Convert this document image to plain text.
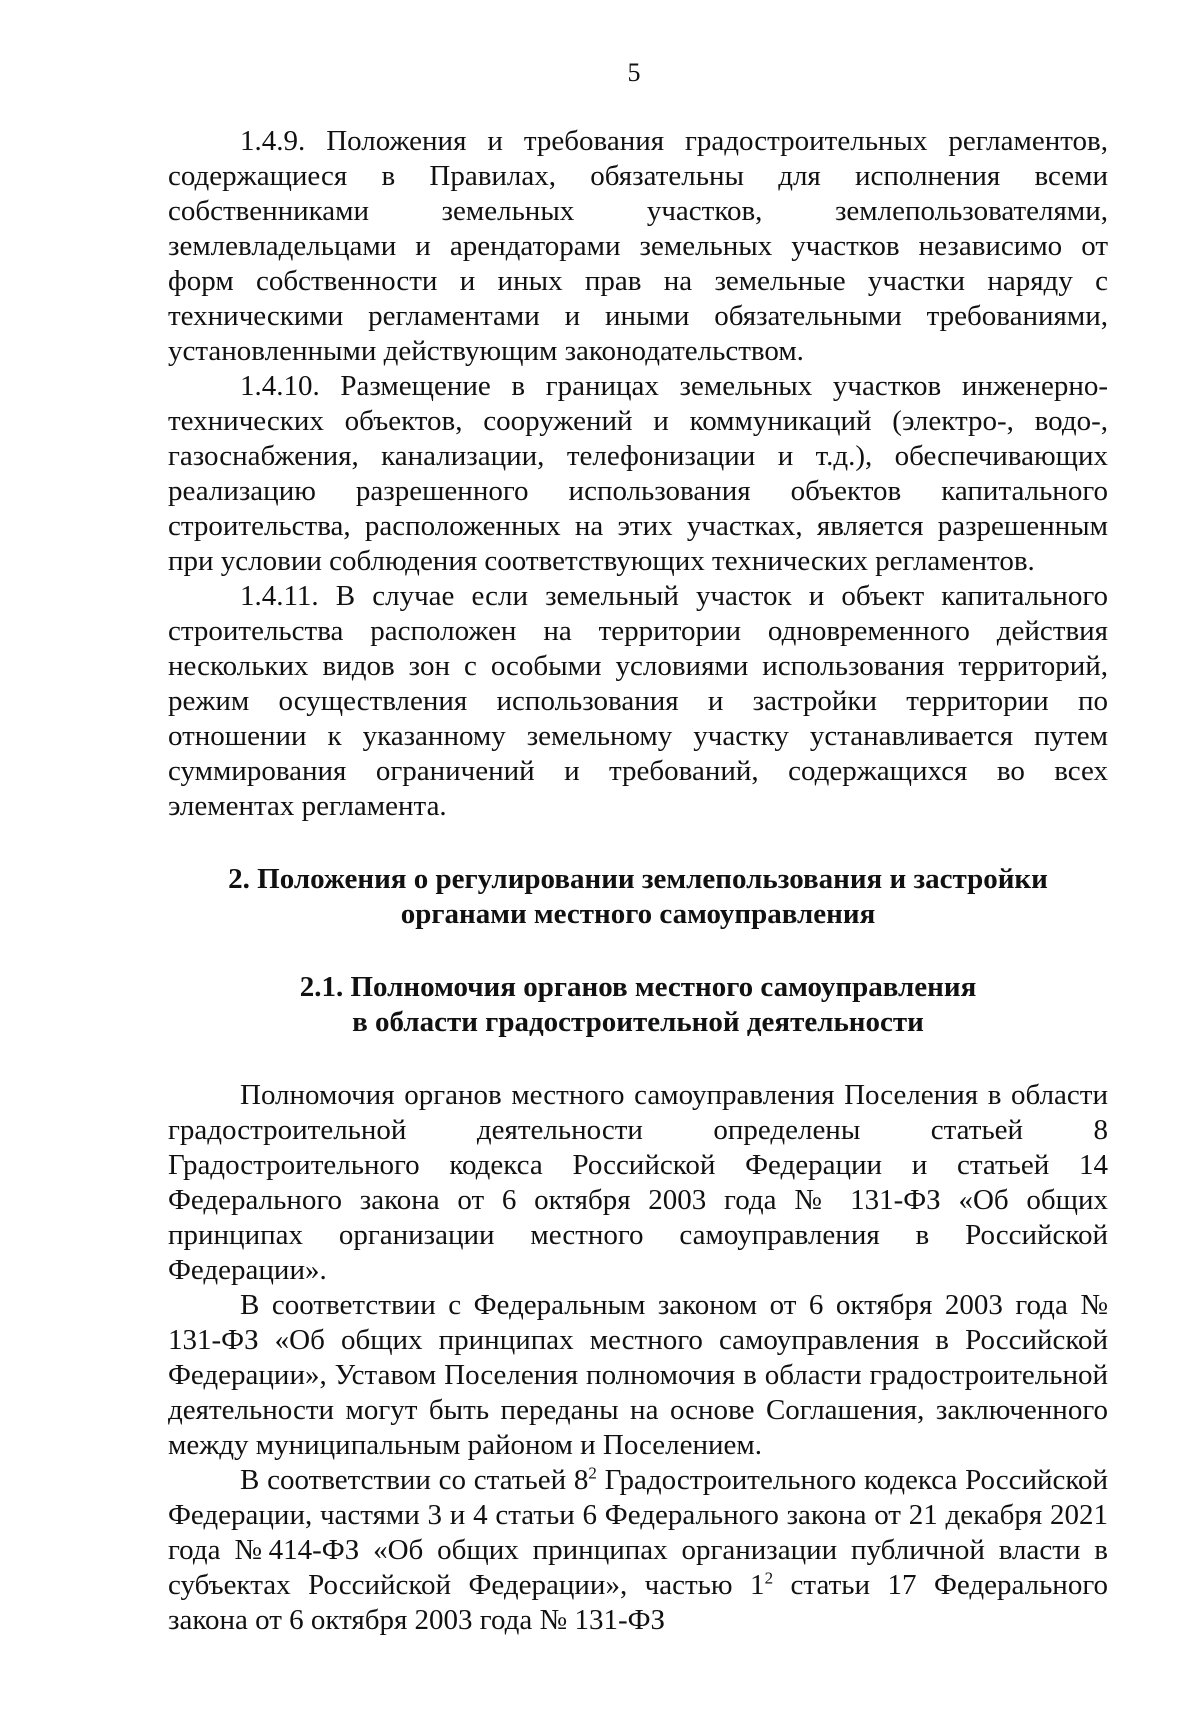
5

1.4.9. Положения и требования градостроительных регламентов, содержащиеся в Правилах, обязательны для исполнения всеми собственниками земельных участков, землепользователями, землевладельцами и арендаторами земельных участков независимо от форм собственности и иных прав на земельные участки наряду с техническими регламентами и иными обязательными требованиями, установленными действующим законодательством.

1.4.10. Размещение в границах земельных участков инженерно-технических объектов, сооружений и коммуникаций (электро-, водо-, газоснабжения, канализации, телефонизации и т.д.), обеспечивающих реализацию разрешенного использования объектов капитального строительства, расположенных на этих участках, является разрешенным при условии соблюдения соответствующих технических регламентов.

1.4.11. В случае если земельный участок и объект капитального строительства расположен на территории одновременного действия нескольких видов зон с особыми условиями использования территорий, режим осуществления использования и застройки территории по отношении к указанному земельному участку устанавливается путем суммирования ограничений и требований, содержащихся во всех элементах регламента.

2. Положения о регулировании землепользования и застройки
органами местного самоуправления
2.1. Полномочия органов местного самоуправления
в области градостроительной деятельности

Полномочия органов местного самоуправления Поселения в области градостроительной деятельности определены статьей 8 Градостроительного кодекса Российской Федерации и статьей 14 Федерального закона от 6 октября 2003 года № 131-ФЗ «Об общих принципах организации местного самоуправления в Российской Федерации».

В соответствии с Федеральным законом от 6 октября 2003 года № 131-ФЗ «Об общих принципах местного самоуправления в Российской Федерации», Уставом Поселения полномочия в области градостроительной деятельности могут быть переданы на основе Соглашения, заключенного между муниципальным районом и Поселением.

В соответствии со статьей $8^2$ Градостроительного кодекса Российской Федерации, частями 3 и 4 статьи 6 Федерального закона от 21 декабря 2021 года №414-ФЗ «Об общих принципах организации публичной власти в субъектах Российской Федерации», частью $1^2$ статьи 17 Федерального закона от 6 октября 2003 года № 131-ФЗ
